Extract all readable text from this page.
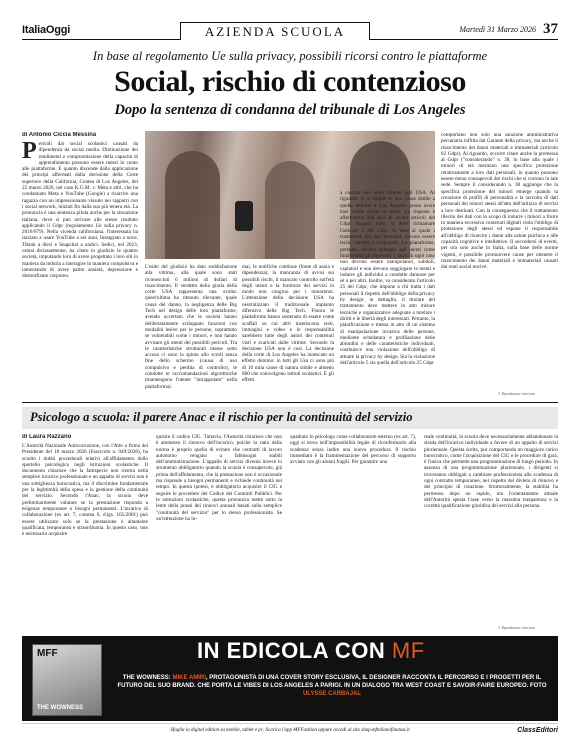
ItaliaOggi	AZIENDA SCUOLA	Martedì 31 Marzo 2026 37
In base al regolamento Ue sulla privacy, possibili ricorsi contro le piattaforme
Social, rischio di contenzioso
Dopo la sentenza di condanna del tribunale di Los Angeles
di Antonio Ciccia Messina
P ericoli dai social scolastici causati da dipendenza da social media. Diminuzione dei rendimenti e compromissione della capacità di apprendimento possono essere messi in conto alle piattaforme. E quanto discende dalla applicazione dei principi affermati dalla decisione della Corte superiore della California, Contea di Los Angeles, del 25 marzo 2026, nel caso K.G.M. v. Meta e altri, che ha condannato Meta e YouTube (Google) a risarcire una ragazza con un impressionante vissuto nei rapporti con i social network, iniziati fin dalla sua più tenera età. La pronuncia è una sentenza pilota anche per la situazione italiana, dove si può arrivare alle stesse risultato applicando il Gdpr (regolamento Ue sulla privacy n. 2016/679). Nella vicenda californiana, l'interessata ha iniziato a usare YouTube a sei anni, Instagram a nove, Tiktok a dieci e Snapchat a undici. Sedici, nel 2023, ormai diciassettenne, ha citato in giudizio le quattro società, imputando loro di avere progettato i loro siti in maniera da indurla a interagire in maniera compulsiva e lamentando di avere patito ansietà, depressione e dismorfismo corporeo.
L'esito del giudizio ha dato soddisfazione alla vittima, alla quale sono stati riconosciuti 6 milioni di dollari di risarcimento. Il verdetto della giuria della corte USA rappresenta una svolta: quest'ultima ha ritenuto rilevante, quale causa del danno, la negligenza delle Big Tech nel design delle loro piattaforme, avendo accertato che le società hanno deliberatamente sviluppato funzioni con modalità lesive per le persone, soprattutto se vulnerabili come i minori, e non hanno avvisato gli utenti dei possibili pericoli. Tra le caratteristiche strutturali messe sotto accusa ci sono la spinta allo scroll senza fine dello schermo (causa di uso compulsivo e perdita di controllo), le condotte te raccomandazioni algoritmiche (mantengono l'utente "intrappolato" nella piattaforma).
mai, le notifiche continue (fonte di ansia e dipendenza), la mancanza di avvisi sui possibili rischi, il mancato controllo sull'età degli utenti e la fornitura dei servizi in modo non congruo per i minorenni. L'attenzione della decisione USA ha neutralizzato il tradizionale impianto difensivo delle Big Tech. Finora le piattaforme hanno sostenuto di essere come scaffali su cui altri inseriscono testi, immagini e video e le responsabilità sarebbero tutte degli autori dei contenuti visti e scaricati dalle vittime. Secondo la decisione USA non è così. La decisione della corte di Los Angeles ha innescato un effetto domino: in tutti gli Usa ci sono più di 10 mila cause di natura simile e almeno 800 che coinvolgono istituti scolastici. E gli effetti
a cascata non sono limitati agli USA. Al riguardo, ci si chiede se una causa simile a quella definita a Los Angeles possa avere basi solide anche in Italia. La risposta è affermativa alla luce di alcuni articoli del Gdpr. Innanzi tutto, si deve richiamare l'articolo 5 del Gdpr, in base al quale i trattamenti dei dati personali devono essere leciti, corretti e trasparenti. Le piattaforme, pertanto, devono spiegare agli utenti come funzionano gli algoritmi, i quali in ogni caso non devono essere manipolatori, subdoli, captatori e non devono soggiogare le menti e indurre gli individui a condotte dannose per sé o per altri. Inoltre, va considerato l'articolo 25 del Gdpr, che impone a chi tratta i dati personali il rispetto dell'obbligo della privacy by design: in dettaglio, il titolare del trattamento deve mettere in atto misure tecniche e organizzative adeguate a tutelare i diritti e le libertà degli interessati. Pertanto, la pianificazione e messa in atto di un sistema di manipolazione invasiva delle persone, mediante schedatura e profilazione delle abitudini e delle caratteristiche individuali, costituisce una violazione dell'obbligo di attuare la privacy by design. Sia la violazione dell'articolo 5 sia quella dell'articolo 25 Gdpr
comportano non solo una sanzione amministrativa pecuniaria inflitta dal Garante della privacy, ma anche il risarcimento dei danni materiali e immateriali (articolo 82 Gdpr). Al riguardo, occorre citare anche la premessa al Gdpr ("considerando" n. 38, in base alla quale i minori di età meritano una specifica protezione relativamente a loro dati personali, in quanto possono essere meno consapevoli dei rischi che si corrono in tale sede. Sempre il considerando n. 38 aggiunge che la specifica protezione dei minori emerge quando la creazione di profili di personalità e la raccolta di dati personali dei minori stessi all'atto dell'utilizzo di servizi a loro destinati. Con la conseguenza che il trattamento illecito dei dati con lo scopo di indurre i minori a fruire in maniera eccessiva contenuti digitali viola l'obbligo di protezione degli stessi ed espone il responsabile all'obbligo di risarcire i danni alla salute psichica e alle capacità cognitive e intellettive. Il succedersi di eventi, per ora solo anche in Italia, sulla base delle norme vigenti, è possibile promuovere cause per ottenere il risarcimento dei danni materiali e immateriali causati dai reati social nocive.
© Riproduzione riservata
Psicologo a scuola: il parere Anac e il rischio per la continuità del servizio
di Laura Razzano
L'Autorità Nazionale Anticorruzione, con l'Atto a firma del Presidente del 18 marzo 2026 (Fascicolo n. 949/2026), ha sciolto i dubbi procedurali relativi all'affidamento dello sportello psicologico negli istituzioni scolastiche. Il documento chiarisce che la fattispecie non rientra nella semplice incarico professionale e un appalto di servizi non è una sottigliezza burocratica, ma il discrimine fondamentale per la legittimità della spesa e la gestione della continuità del servizio. Secondo l'Anac, la scuola deve preliminarmente valutare se la prestazione risponda a esigenze temporanee o bisogni permanenti. L'incarico di collaborazione (ex art. 7, comma 6, d.lgs. 165/2001) può essere utilizzato solo se la prestazione è altamente qualificata, temporanea e straordinaria. In questo caso, non è necessario acquisire
quisire il codice CIG. Tuttavia, l'Autorità chiarisce che non è ammesso il rinnovo dell'incarico, poiché la ratio della norma è proprio quella di evitare che contratti di lavoro autonomo vengano a fabbisogni stabili dell'amministrazione. L'appalto di servizi diventa invece lo strumento obbligatorio quando la scuola è consapevole, già prima dell'affidamento, che la prestazione non è occasionale ma risponde a bisogni permanenti e richiede continuità nel tempo. In questa ipotesi, è obbligatorio acquisire il CIG e seguire le procedure del Codice dei Contratti Pubblici. Per le istituzioni scolastiche, questa pronuncia mette sotto la lente della prassi dei rinnovi annuali basati sulla semplice "continuità del servizio" per lo stesso professionista. Se un'istituzione ha in-
quadrato lo psicologo come collaboratore esterno (ex art. 7), oggi si trova nell'impossibilità legale di riconfermarlo alla scadenza senza indire una nuova procedura. Il rischio immediato è la frammentazione del percorso di supporto avviato con gli alunni fragili. Per garantire una
reale continuità, la scuola deve necessariamente abbandonare la strada dell'incarico individuale a favore di un appalto di servizi pluriennale. Questa scelta, pur comportando un maggiore carico burocratico, come l'acquisizione del CIG e le procedure di gara, è l'unica che permette una programmazione di lungo periodo. In assenza di una programmazione pluriennale, i dirigenti si troveranno obbligati a cambiare professionista alla scadenza di ogni contratto temporaneo, nel rispetto del divieto di rinnovo e del principio di rotazione. Strutturalmente, la stabilità ha permesso dopo un rapido, ma l'orientamento attuale dell'Autorità spesta l'asse verso la massima trasparenza e la corretta qualificazione giuridica dei servizi alla persona.
© Riproduzione riservata
MFF
THE WOWNESS
IN EDICOLA CON MF
THE WOWNESS: MIKE AMIRI, PROTAGONISTA DI UNA COVER STORY ESCLUSIVA, IL DESIGNER RACCONTA IL PERCORSO E I PROGETTI PER IL FUTURO DEL SUO BRAND. CHE PORTA LE VIBES DI LOS ANGELES A PARIGI. IN UN DIALOGO TRA WEST COAST E SAVOIR-FAIRE EUROPEO. FOTO ULYSSE CARBAJAL
Sfoglia la digital edition su mobile, tablet e pc. Scarica l'app MFFashion oppure accedi al sito shop.mfmilanofinanza.it	ClassEditori
